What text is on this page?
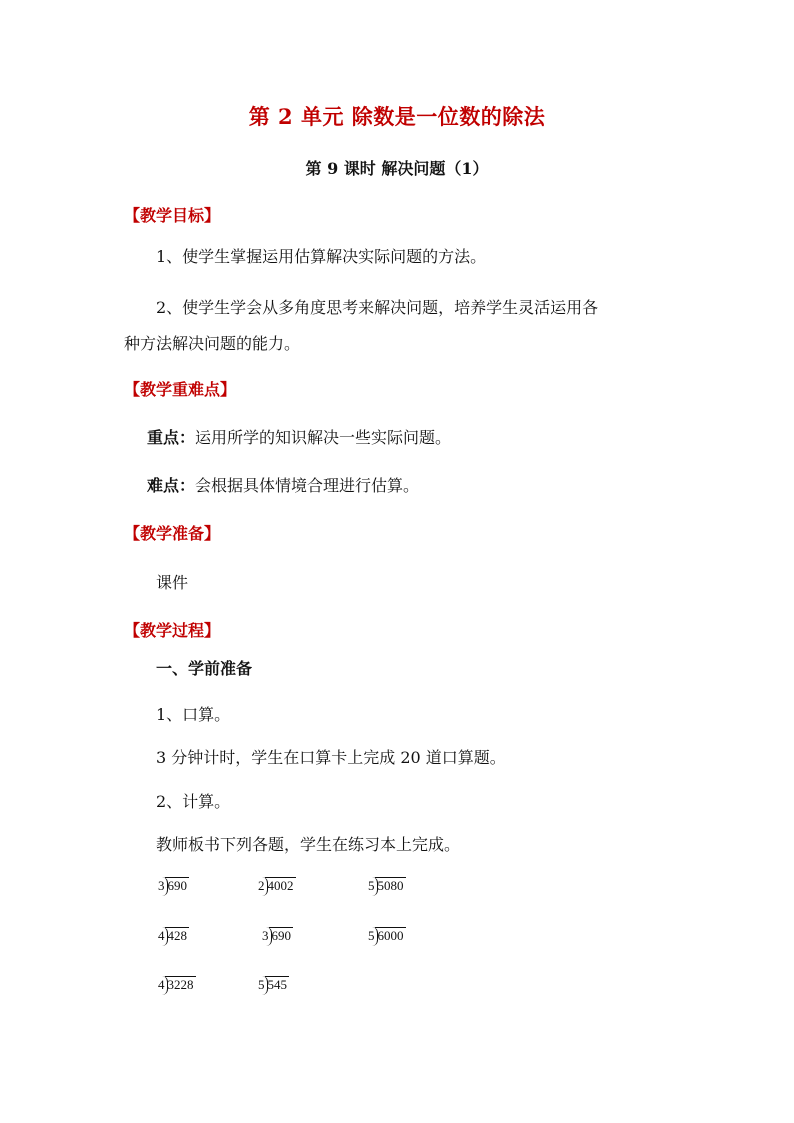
第 2 单元 除数是一位数的除法
第 9 课时 解决问题（1）
【教学目标】
1、使学生掌握运用估算解决实际问题的方法。
2、使学生学会从多角度思考来解决问题，培养学生灵活运用各
种方法解决问题的能力。
【教学重难点】
重点：运用所学的知识解决一些实际问题。
难点：会根据具体情境合理进行估算。
【教学准备】
课件
【教学过程】
一、学前准备
1、口算。
3 分钟计时，学生在口算卡上完成 20 道口算题。
2、计算。
教师板书下列各题，学生在练习本上完成。
3 690	2 4002	5 5080
4 428	3 690	5 6000
4 3228	5 545
